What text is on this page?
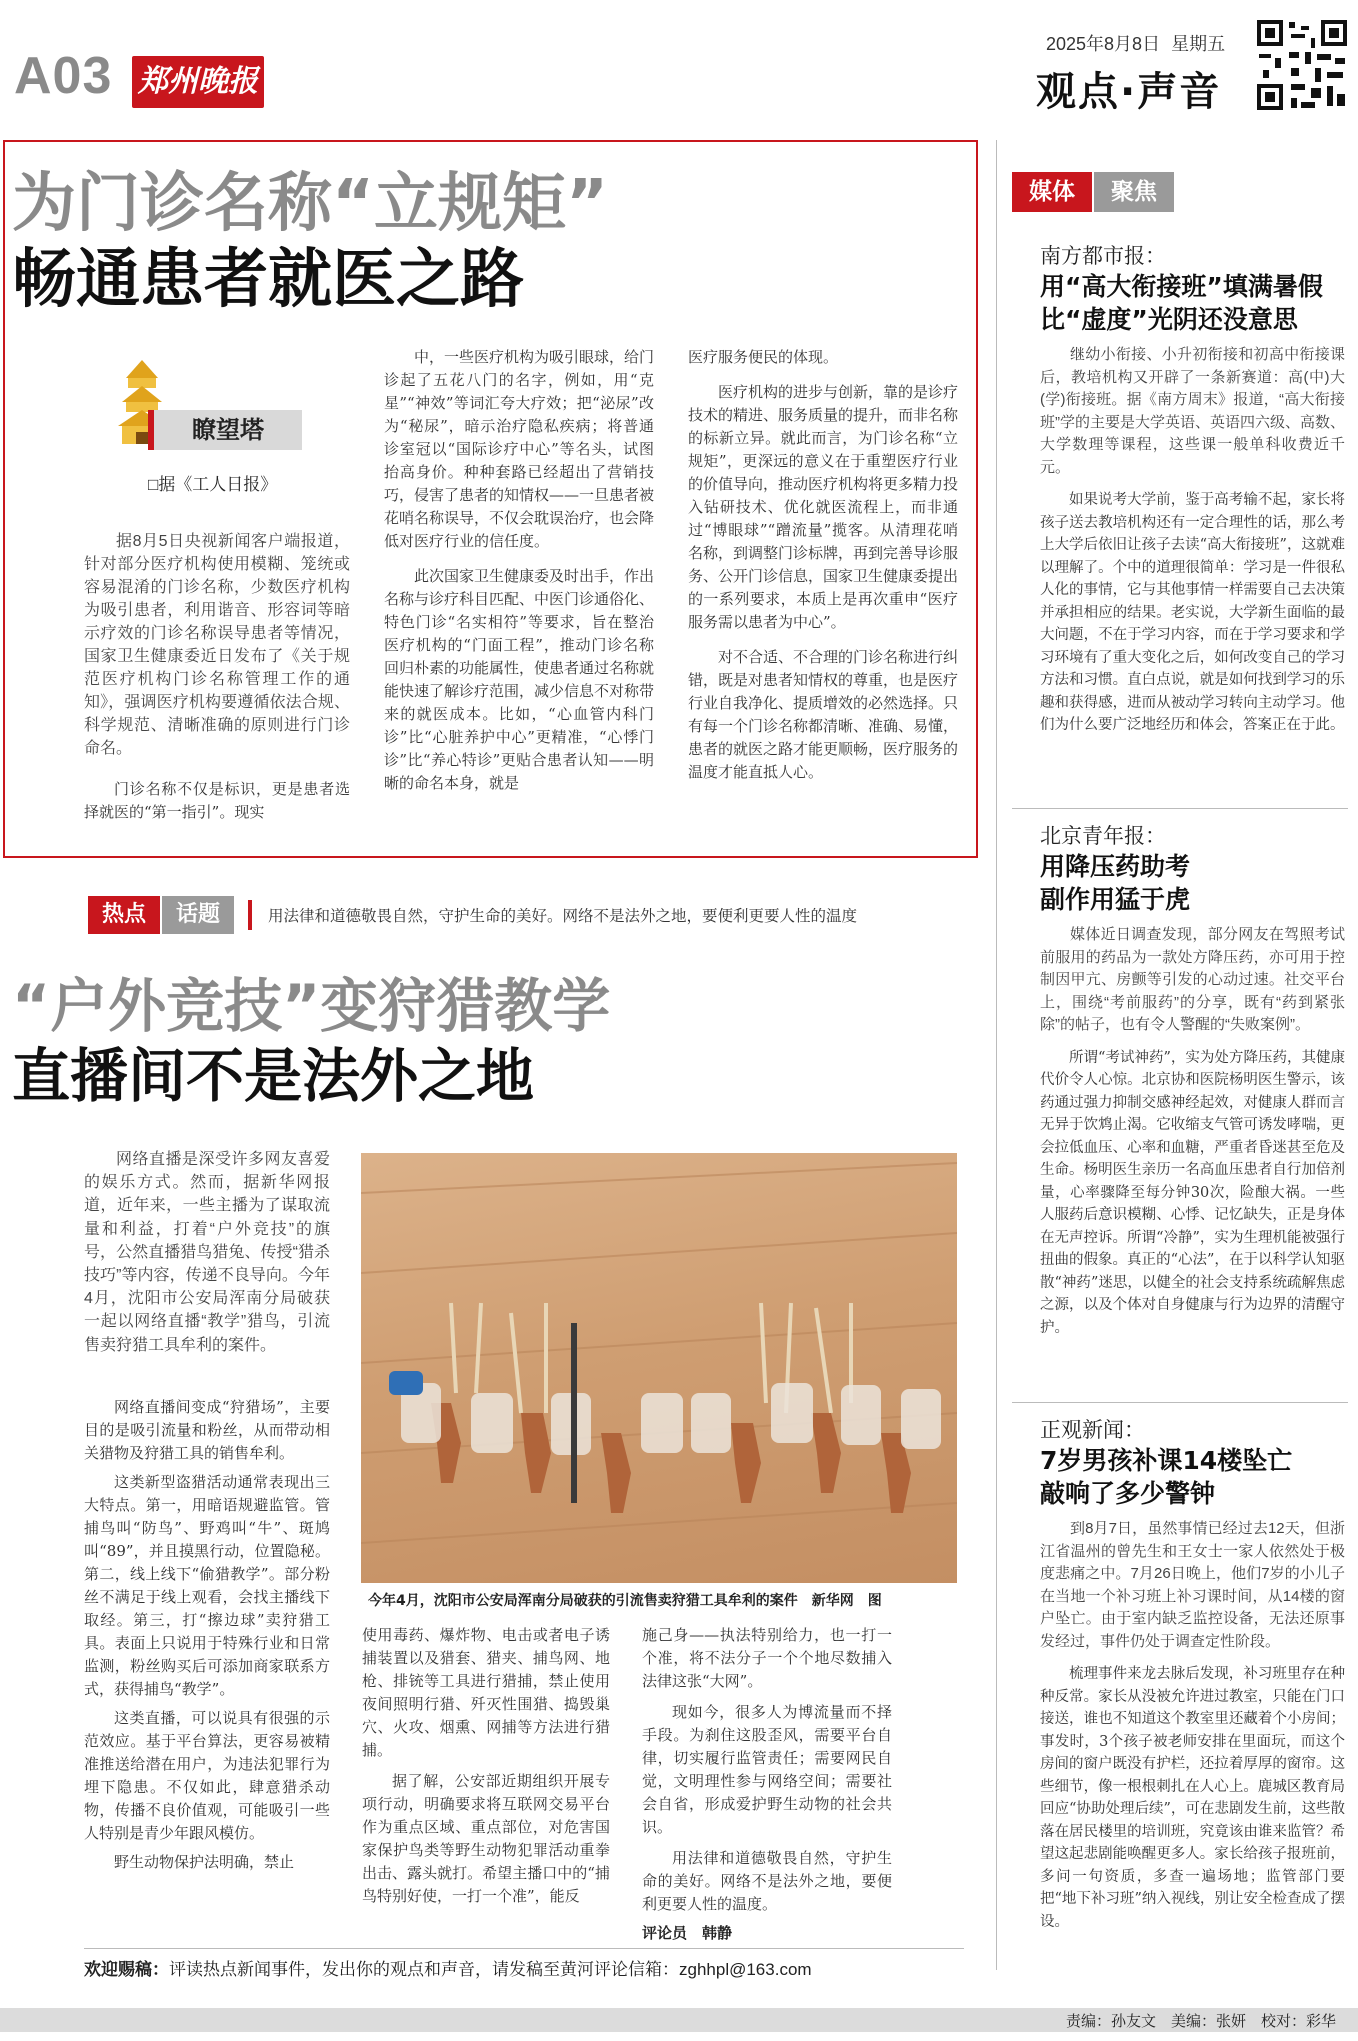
A03 郑州晚报
2025年8月8日 星期五
观点·声音
为门诊名称“立规矩”
畅通患者就医之路
瞭望塔
□据《工人日报》

据8月5日央视新闻客户端报道，针对部分医疗机构使用模糊、笼统或容易混淆的门诊名称，少数医疗机构为吸引患者，利用谐音、形容词等暗示疗效的门诊名称误导患者等情况，国家卫生健康委近日发布了《关于规范医疗机构门诊名称管理工作的通知》，强调医疗机构要遵循依法合规、科学规范、清晰准确的原则进行门诊命名。

门诊名称不仅是标识，更是患者选择就医的“第一指引”。现实

中，一些医疗机构为吸引眼球，给门诊起了五花八门的名字，例如，用“克星”“神效”等词汇夸大疗效；把“泌尿”改为“秘尿”，暗示治疗隐私疾病；将普通诊室冠以“国际诊疗中心”等名头，试图抬高身价。种种套路已经超出了营销技巧，侵害了患者的知情权——一旦患者被花哨名称误导，不仅会耽误治疗，也会降低对医疗行业的信任度。

此次国家卫生健康委及时出手，作出名称与诊疗科目匹配、中医门诊通俗化、特色门诊“名实相符”等要求，旨在整治医疗机构的“门面工程”，推动门诊名称回归朴素的功能属性，使患者通过名称就能快速了解诊疗范围，减少信息不对称带来的就医成本。比如，“心血管内科门诊”比“心脏养护中心”更精准，“心悸门诊”比“养心特诊”更贴合患者认知——明晰的命名本身，就是

医疗服务便民的体现。

医疗机构的进步与创新，靠的是诊疗技术的精进、服务质量的提升，而非名称的标新立异。就此而言，为门诊名称“立规矩”，更深远的意义在于重塑医疗行业的价值导向，推动医疗机构将更多精力投入钻研技术、优化就医流程上，而非通过“博眼球”“蹭流量”揽客。从清理花哨名称，到调整门诊标牌，再到完善导诊服务、公开门诊信息，国家卫生健康委提出的一系列要求，本质上是再次重申“医疗服务需以患者为中心”。

对不合适、不合理的门诊名称进行纠错，既是对患者知情权的尊重，也是医疗行业自我净化、提质增效的必然选择。只有每一个门诊名称都清晰、准确、易懂，患者的就医之路才能更顺畅，医疗服务的温度才能直抵人心。

热点	话题	用法律和道德敬畏自然，守护生命的美好。网络不是法外之地，要便利更要人性的温度
“户外竞技”变狩猎教学
直播间不是法外之地

网络直播是深受许多网友喜爱的娱乐方式。然而，据新华网报道，近年来，一些主播为了谋取流量和利益，打着“户外竞技”的旗号，公然直播猎鸟猎兔、传授“猎杀技巧”等内容，传递不良导向。今年4月，沈阳市公安局浑南分局破获一起以网络直播“教学”猎鸟，引流售卖狩猎工具牟利的案件。

今年4月，沈阳市公安局浑南分局破获的引流售卖狩猎工具牟利的案件　新华网　图

网络直播间变成“狩猎场”，主要目的是吸引流量和粉丝，从而带动相关猎物及狩猎工具的销售牟利。

这类新型盗猎活动通常表现出三大特点。第一，用暗语规避监管。管捕鸟叫“防鸟”、野鸡叫“牛”、斑鸠叫“89”，并且摸黑行动，位置隐秘。第二，线上线下“偷猎教学”。部分粉丝不满足于线上观看，会找主播线下取经。第三，打“擦边球”卖狩猎工具。表面上只说用于特殊行业和日常监测，粉丝购买后可添加商家联系方式，获得捕鸟“教学”。

这类直播，可以说具有很强的示范效应。基于平台算法，更容易被精准推送给潜在用户，为违法犯罪行为埋下隐患。不仅如此，肆意猎杀动物，传播不良价值观，可能吸引一些人特别是青少年跟风模仿。

野生动物保护法明确，禁止

使用毒药、爆炸物、电击或者电子诱捕装置以及猎套、猎夹、捕鸟网、地枪、排铳等工具进行猎捕，禁止使用夜间照明行猎、歼灭性围猎、捣毁巢穴、火攻、烟熏、网捕等方法进行猎捕。

据了解，公安部近期组织开展专项行动，明确要求将互联网交易平台作为重点区域、重点部位，对危害国家保护鸟类等野生动物犯罪活动重拳出击、露头就打。希望主播口中的“捕鸟特别好使，一打一个准”，能反

施己身——执法特别给力，也一打一个准，将不法分子一个个地尽数捕入法律这张“大网”。

现如今，很多人为博流量而不择手段。为刹住这股歪风，需要平台自律，切实履行监管责任；需要网民自觉，文明理性参与网络空间；需要社会自省，形成爱护野生动物的社会共识。

用法律和道德敬畏自然，守护生命的美好。网络不是法外之地，要便利更要人性的温度。

评论员　韩静
媒体	聚焦
南方都市报：
用“高大衔接班”填满暑假
比“虚度”光阴还没意思

继幼小衔接、小升初衔接和初高中衔接课后，教培机构又开辟了一条新赛道：高(中)大(学)衔接班。据《南方周末》报道，“高大衔接班”学的主要是大学英语、英语四六级、高数、大学数理等课程，这些课一般单科收费近千元。

如果说考大学前，鉴于高考输不起，家长将孩子送去教培机构还有一定合理性的话，那么考上大学后依旧让孩子去读“高大衔接班”，这就难以理解了。个中的道理很简单：学习是一件很私人化的事情，它与其他事情一样需要自己去决策并承担相应的结果。老实说，大学新生面临的最大问题，不在于学习内容，而在于学习要求和学习环境有了重大变化之后，如何改变自己的学习方法和习惯。直白点说，就是如何找到学习的乐趣和获得感，进而从被动学习转向主动学习。他们为什么要广泛地经历和体会，答案正在于此。

北京青年报：
用降压药助考
副作用猛于虎

媒体近日调查发现，部分网友在驾照考试前服用的药品为一款处方降压药，亦可用于控制因甲亢、房颤等引发的心动过速。社交平台上，围绕“考前服药”的分享，既有“药到紧张除”的帖子，也有令人警醒的“失败案例”。

所谓“考试神药”，实为处方降压药，其健康代价令人心惊。北京协和医院杨明医生警示，该药通过强力抑制交感神经起效，对健康人群而言无异于饮鸩止渴。它收缩支气管可诱发哮喘，更会拉低血压、心率和血糖，严重者昏迷甚至危及生命。杨明医生亲历一名高血压患者自行加倍剂量，心率骤降至每分钟30次，险酿大祸。一些人服药后意识模糊、心悸、记忆缺失，正是身体在无声控诉。所谓“冷静”，实为生理机能被强行扭曲的假象。真正的“心法”，在于以科学认知驱散“神药”迷思，以健全的社会支持系统疏解焦虑之源，以及个体对自身健康与行为边界的清醒守护。

正观新闻：
7岁男孩补课14楼坠亡
敲响了多少警钟

到8月7日，虽然事情已经过去12天，但浙江省温州的曾先生和王女士一家人依然处于极度悲痛之中。7月26日晚上，他们7岁的小儿子在当地一个补习班上补习课时间，从14楼的窗户坠亡。由于室内缺乏监控设备，无法还原事发经过，事件仍处于调查定性阶段。

梳理事件来龙去脉后发现，补习班里存在种种反常。家长从没被允许进过教室，只能在门口接送，谁也不知道这个教室里还藏着个小房间；事发时，3个孩子被老师安排在里面玩，而这个房间的窗户既没有护栏，还拉着厚厚的窗帘。这些细节，像一根根刺扎在人心上。鹿城区教育局回应“协助处理后续”，可在悲剧发生前，这些散落在居民楼里的培训班，究竟该由谁来监管？希望这起悲剧能唤醒更多人。家长给孩子报班前，多问一句资质，多查一遍场地；监管部门要把“地下补习班”纳入视线，别让安全检查成了摆设。

欢迎赐稿：评读热点新闻事件，发出你的观点和声音，请发稿至黄河评论信箱：zghhpl@163.com
责编：孙友文　美编：张妍　校对：彩华
